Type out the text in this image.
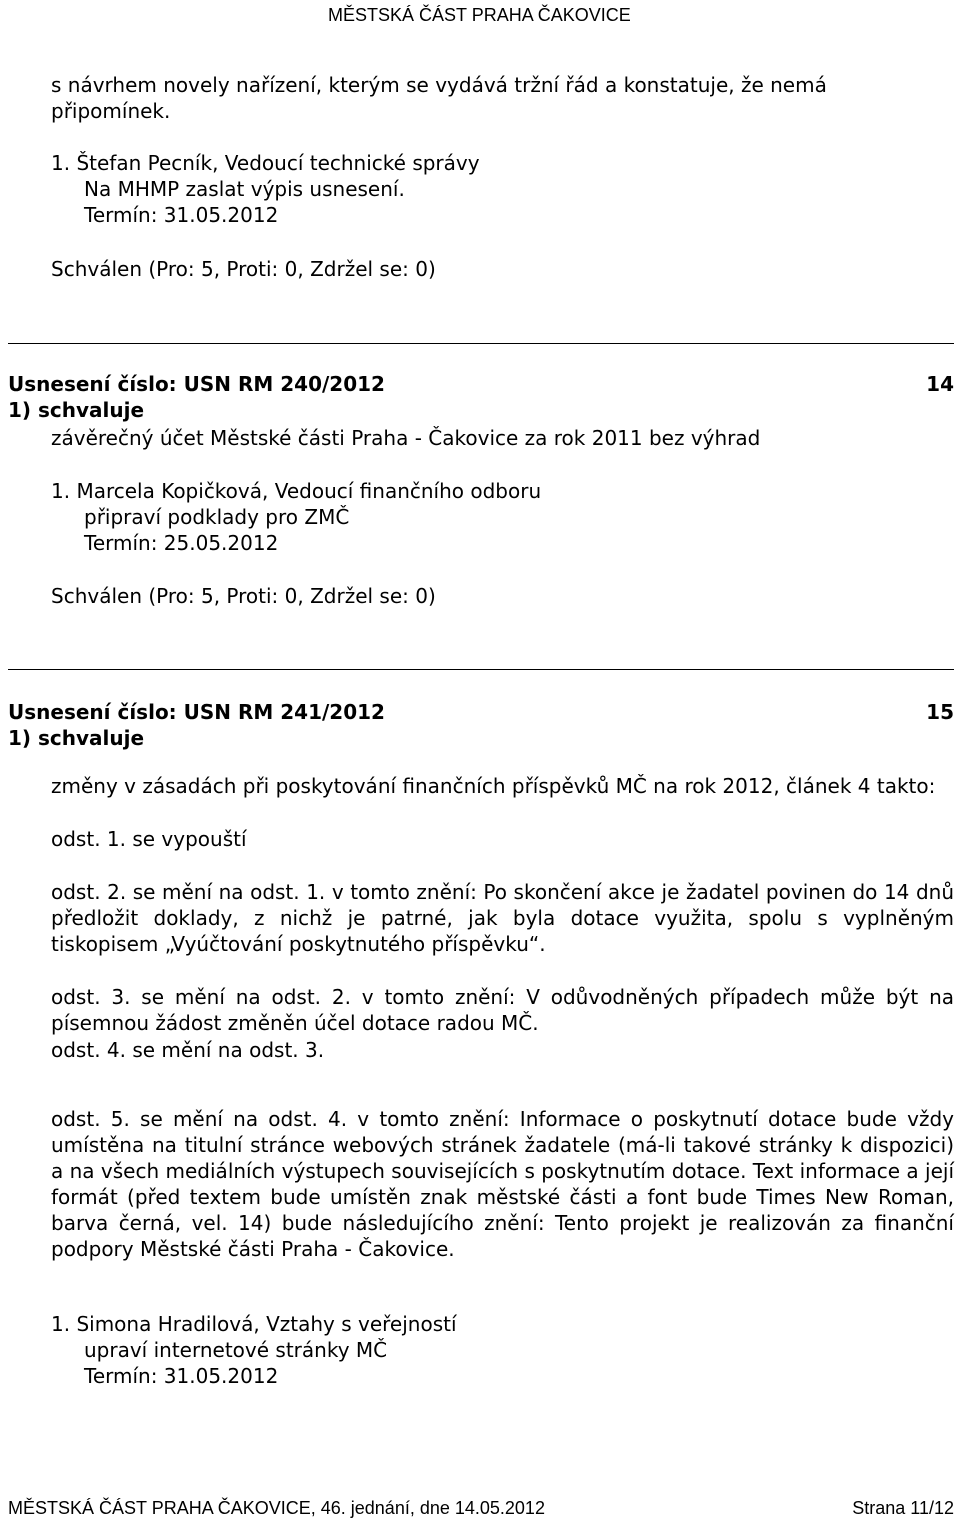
MĚSTSKÁ ČÁST PRAHA ČAKOVICE
s návrhem novely nařízení, kterým se vydává tržní řád a konstatuje, že nemá
připomínek.
1. Štefan Pecník, Vedoucí technické správy
Na MHMP zaslat výpis usnesení.
Termín: 31.05.2012
Schválen (Pro: 5, Proti: 0, Zdržel se: 0)
Usnesení číslo: USN RM 240/2012	14
1) schvaluje
závěrečný účet Městské části Praha - Čakovice za rok 2011 bez výhrad
1. Marcela Kopičková, Vedoucí finančního odboru
připraví podklady pro ZMČ
Termín: 25.05.2012
Schválen (Pro: 5, Proti: 0, Zdržel se: 0)
Usnesení číslo: USN RM 241/2012	15
1) schvaluje
změny v zásadách při poskytování finančních příspěvků MČ na rok 2012, článek 4 takto:
odst. 1. se vypouští
odst. 2. se mění na odst. 1. v tomto znění: Po skončení akce je žadatel povinen do 14 dnů předložit doklady, z nichž je patrné, jak byla dotace využita, spolu s vyplněným tiskopisem „Vyúčtování poskytnutého příspěvku“.
odst. 3. se mění na odst. 2. v tomto znění: V odůvodněných případech může být na písemnou žádost změněn účel dotace radou MČ.
odst. 4. se mění na odst. 3.
odst. 5. se mění na odst. 4. v tomto znění: Informace o poskytnutí dotace bude vždy umístěna na titulní stránce webových stránek žadatele (má-li takové stránky k dispozici) a na všech mediálních výstupech souvisejících s poskytnutím dotace. Text informace a její formát (před textem bude umístěn znak městské části a font bude Times New Roman, barva černá, vel. 14) bude následujícího znění: Tento projekt je realizován za finanční podpory Městské části Praha - Čakovice.
1. Simona Hradilová, Vztahy s veřejností
upraví internetové stránky MČ
Termín: 31.05.2012
MĚSTSKÁ ČÁST PRAHA ČAKOVICE, 46. jednání, dne 14.05.2012	Strana 11/12
